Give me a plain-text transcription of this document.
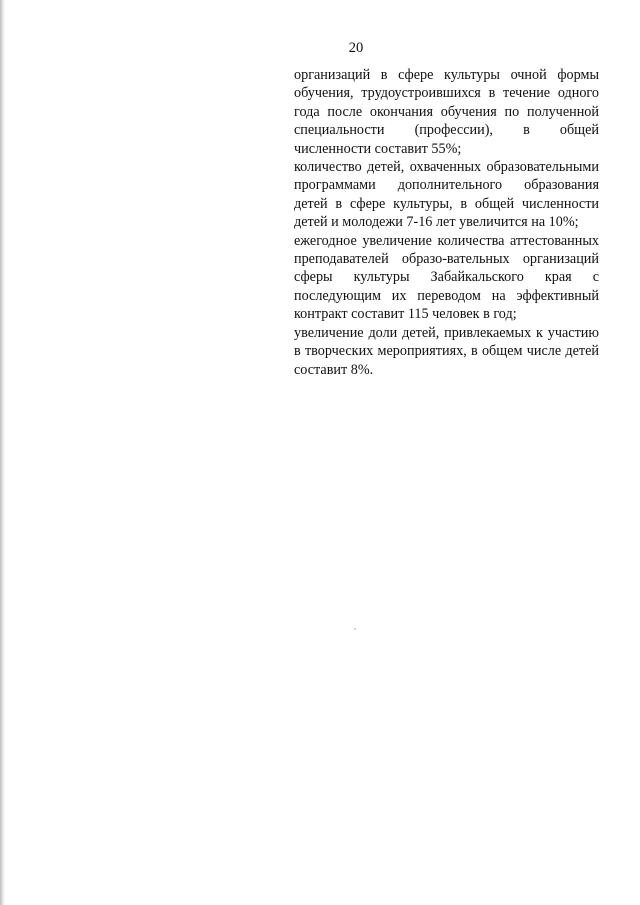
20

организаций в сфере культуры очной формы обучения, трудоустроившихся в течение одного года после окончания обучения по полученной специальности (профессии), в общей численности составит 55%;

количество детей, охваченных образовательными программами дополнительного образования детей в сфере культуры, в общей численности детей и молодежи 7-16 лет увеличится на 10%;

ежегодное увеличение количества аттестованных преподавателей образо-вательных организаций сферы культуры Забайкальского края с последующим их переводом на эффективный контракт составит 115 человек в год;

увеличение доли детей, привлекаемых к участию в творческих мероприятиях, в общем числе детей составит 8%.
